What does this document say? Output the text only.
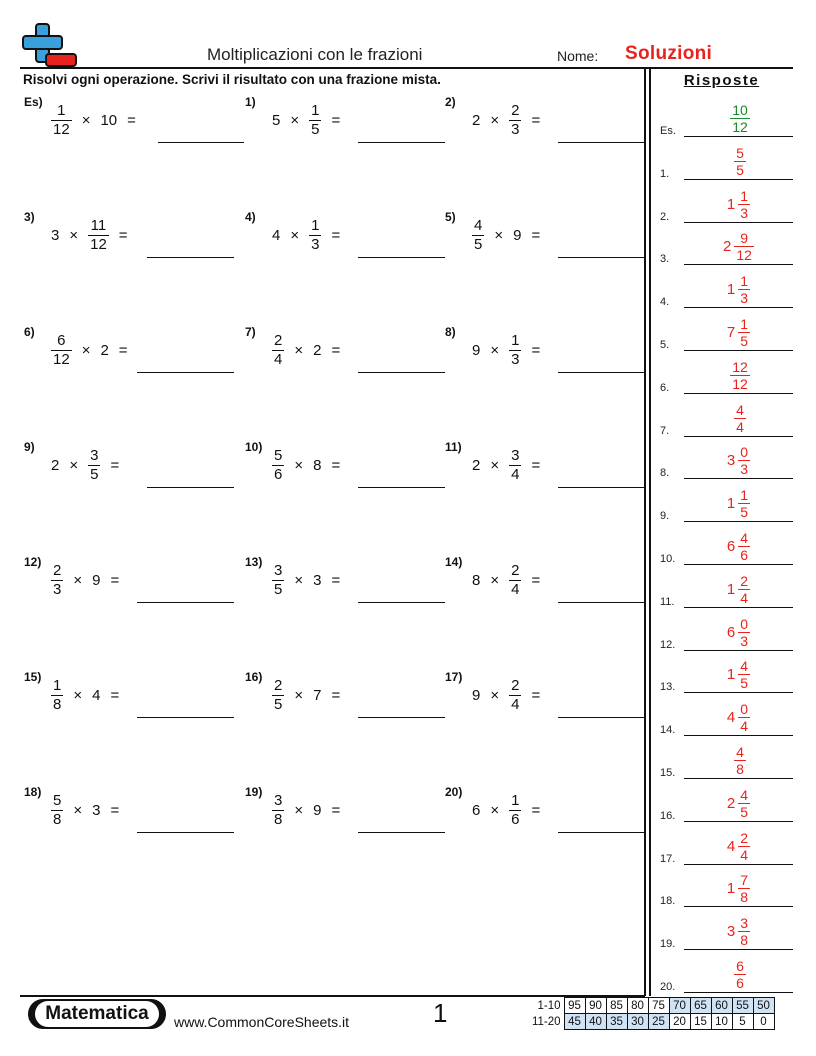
Moltiplicazioni con le frazioni	Nome: Soluzioni
Risolvi ogni operazione. Scrivi il risultato con una frazione mista.	Risposte
$Es) \frac{1}{12} \times 10$ =
1)
$5 \times \frac{1}{5}$ =
2)
$2 \times \frac{2}{3}$ =
3)
$3 \times \frac{11}{12}$ =
4)
$4 \times \frac{1}{3}$ =
$5) \frac{4}{5} \times 9$ =
$6) \frac{6}{12} \times 2$ =
$7) \frac{2}{4} \times 2$ =
8)
$9 \times \frac{1}{3}$ =
9)
$2 \times \frac{3}{5}$ =
$10) \frac{5}{6} \times 8$ =
11)
$2 \times \frac{3}{4}$ =
$12) \frac{2}{3} \times 9$ =
$13) \frac{3}{5} \times 3$ =
14)
$8 \times \frac{2}{4}$ =
$15) \frac{1}{8} \times 4$ =
$16) \frac{2}{5} \times 7$ =
17)
$9 \times \frac{2}{4}$ =
$18) \frac{5}{8} \times 3$ =
$19) \frac{3}{8} \times 9$ =
20)
$6 \times \frac{1}{6}$ =
Es.	$\frac{10}{12}$
1.	$\frac{5}{5}$
2.
$1 \frac{1}{3}$
3.
$2 \frac{9}{12}$
4.
$1 \frac{1}{3}$
5.
$7 \frac{1}{5}$
6.	$\frac{12}{12}$
7.	$\frac{4}{4}$
8.
$3 \frac{0}{3}$
9.
$1 \frac{1}{5}$
10.
$6 \frac{4}{6}$
11.
$1 \frac{2}{4}$
12.
$6 \frac{0}{3}$
13.
$1 \frac{4}{5}$
14.
$4 \frac{0}{4}$
15.	$\frac{4}{8}$
16.
$2 \frac{4}{5}$
17.
$4 \frac{2}{4}$
18.
$1 \frac{7}{8}$
19.
$3 \frac{3}{8}$
20.	$\frac{6}{6}$
Matematica	www.CommonCoreSheets.it	1	1-10	95	90	85	80	75	70	65	60	55	50
11-20	45	40	35	30	25	20	15	10	5	0
